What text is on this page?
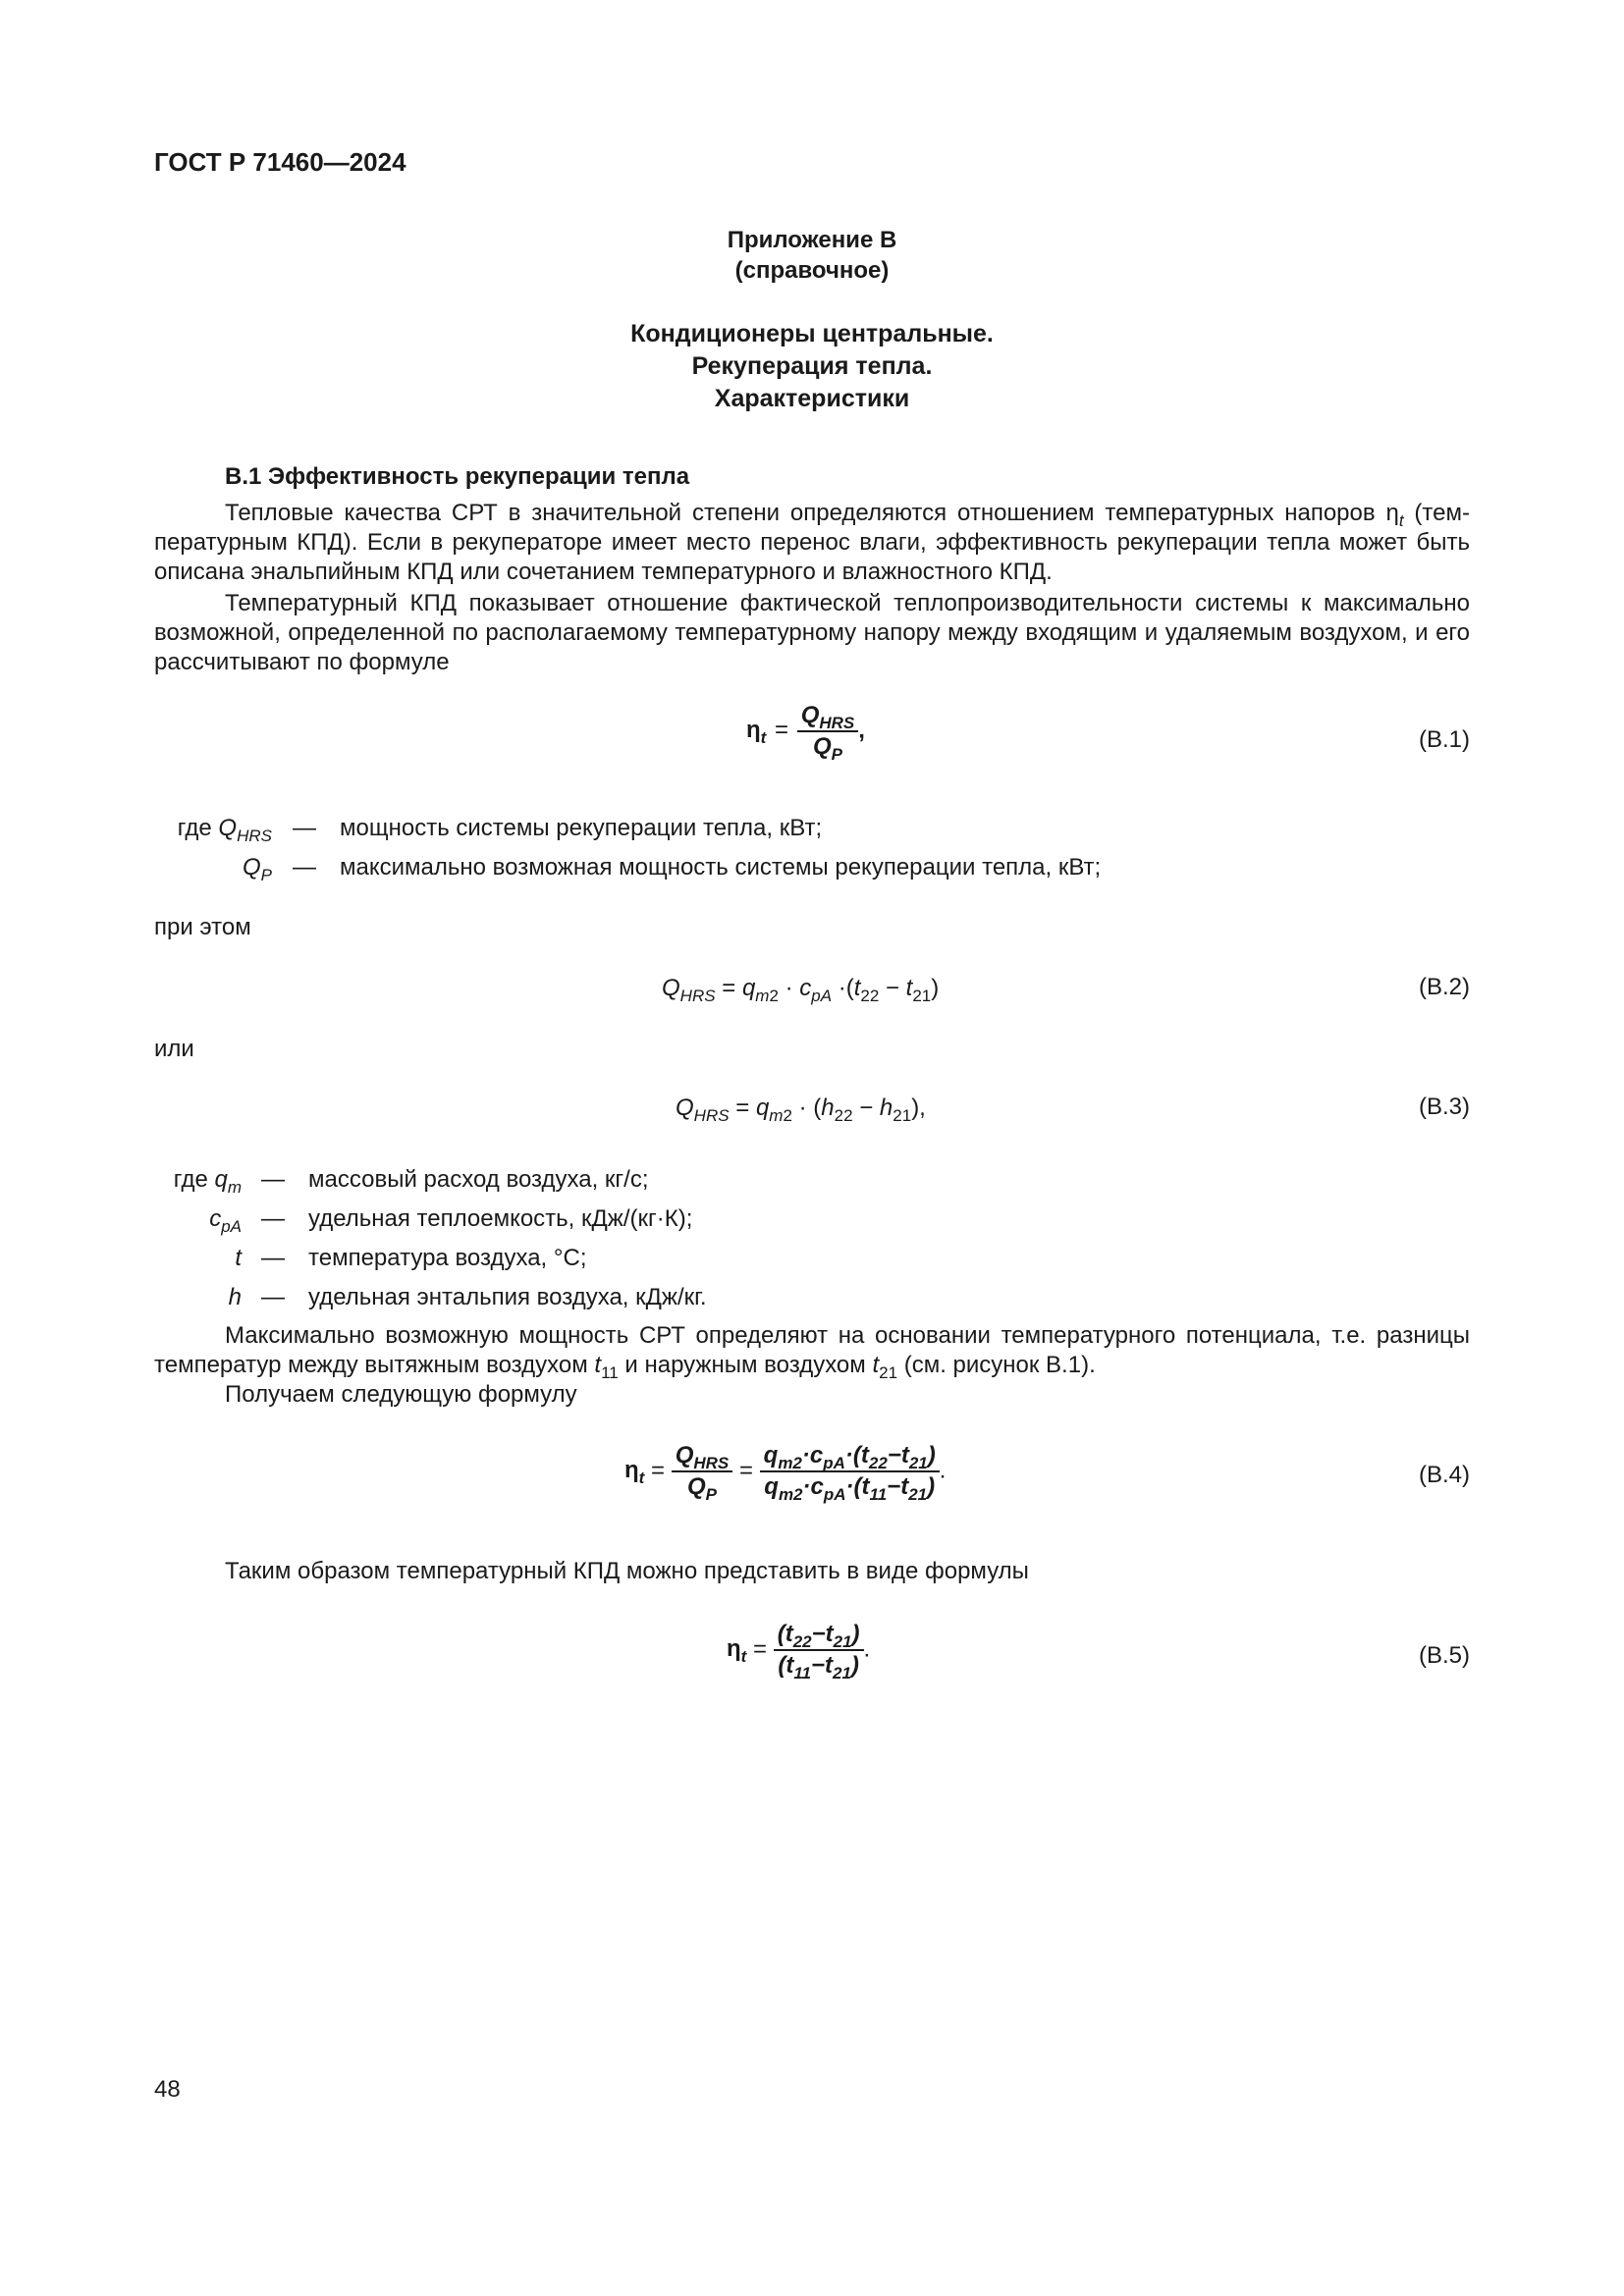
ГОСТ Р 71460—2024
Приложение В
(справочное)
Кондиционеры центральные.
Рекуперация тепла.
Характеристики
В.1 Эффективность рекуперации тепла
Тепловые качества СРТ в значительной степени определяются отношением температурных напоров $\eta_t$ (температурным КПД). Если в рекуператоре имеет место перенос влаги, эффективность рекуперации тепла может быть описана энальпийным КПД или сочетанием температурного и влажностного КПД.
Температурный КПД показывает отношение фактической теплопроизводительности системы к максимально возможной, определенной по располагаемому температурному напору между входящим и удаляемым воздухом, и его рассчитывают по формуле
$\eta_t = \frac{Q_{HRS}}{Q_P}$ ,	(В.1)
где $Q_{HRS}$ — мощность системы рекуперации тепла, кВт;
$Q_P$ — максимально возможная мощность системы рекуперации тепла, кВт;
при этом
$Q_{HRS} = q_{m2} \cdot c_{pA} \cdot(t_{22} - t_{21})$	(В.2)
или
$Q_{HRS} = q_{m2} \cdot (h_{22} - h_{21})$,	(В.3)
где $q_m$ — массовый расход воздуха, кг/с;
$c_{pA}$ — удельная теплоемкость, кДж/(кг·К);
t — температура воздуха, °С;
h — удельная энтальпия воздуха, кДж/кг.
Максимально возможную мощность СРТ определяют на основании температурного потенциала, т.е. разницы температур между вытяжным воздухом $t_{11}$ и наружным воздухом $t_{21}$ (см. рисунок В.1).
Получаем следующую формулу
$\eta_t = \frac{Q_{HRS}}{Q_P} = \frac{q_{m2}\cdot c_{pA}\cdot(t_{22}-t_{21})}{q_{m2}\cdot c_{pA}\cdot(t_{11}-t_{21})}$ .	(В.4)
Таким образом температурный КПД можно представить в виде формулы
$\eta_t = \frac{(t_{22}-t_{21})}{(t_{11}-t_{21})}$ .	(В.5)
48
